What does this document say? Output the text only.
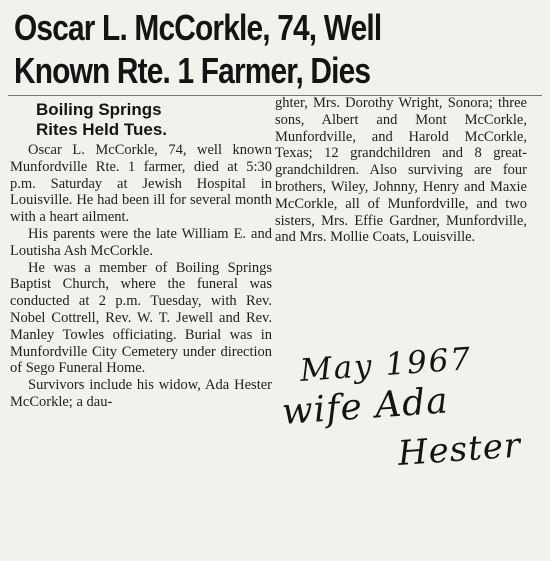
Oscar L. McCorkle, 74, Well
Known Rte. 1 Farmer, Dies
Boiling Springs
Rites Held Tues.

Oscar L. McCorkle, 74, well known Munfordville Rte. 1 farmer, died at 5:30 p.m. Saturday at Jewish Hospital in Louisville. He had been ill for several month with a heart ailment.

His parents were the late William E. and Loutisha Ash McCorkle.

He was a member of Boiling Springs Baptist Church, where the funeral was conducted at 2 p.m. Tuesday, with Rev. Nobel Cottrell, Rev. W. T. Jewell and Rev. Manley Towles officiating. Burial was in Munfordville City Cemetery under direction of Sego Funeral Home.

Survivors include his widow, Ada Hester McCorkle; a dau-

ghter, Mrs. Dorothy Wright, Sonora; three sons, Albert and Mont McCorkle, Munfordville, and Harold McCorkle, Texas; 12 grandchildren and 8 great-grandchildren. Also surviving are four brothers, Wiley, Johnny, Henry and Maxie McCorkle, all of Munfordville, and two sisters, Mrs. Effie Gardner, Munfordville, and Mrs. Mollie Coats, Louisville.

May 1967
wife Ada
Hester
